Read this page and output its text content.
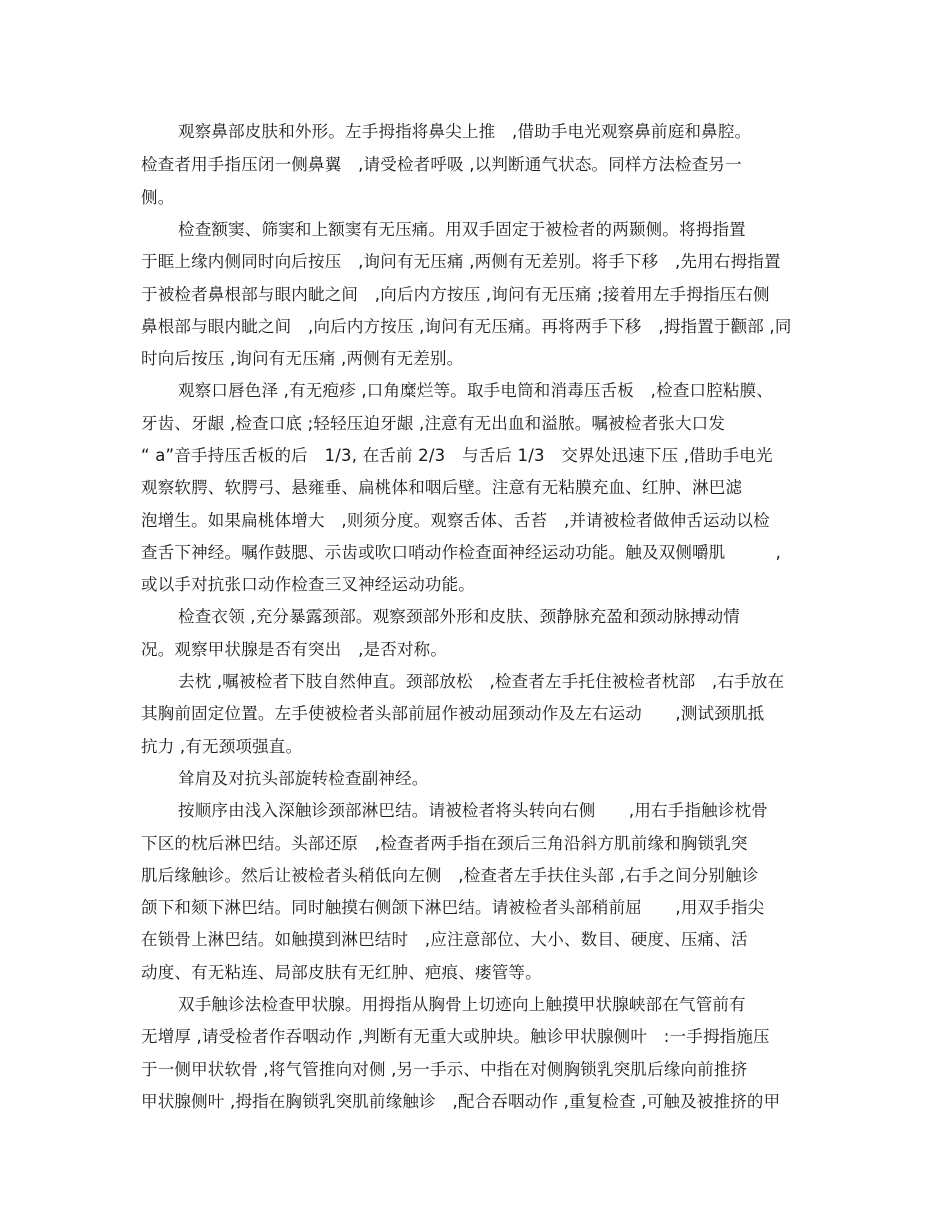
观察鼻部皮肤和外形。左手拇指将鼻尖上推　,借助手电光观察鼻前庭和鼻腔。
检查者用手指压闭一侧鼻翼　,请受检者呼吸 ,以判断通气状态。同样方法检查另一
侧。
检查额窦、筛窦和上额窦有无压痛。用双手固定于被检者的两颞侧。将拇指置
于眶上缘内侧同时向后按压　,询问有无压痛 ,两侧有无差别。将手下移　,先用右拇指置
于被检者鼻根部与眼内眦之间　,向后内方按压 ,询问有无压痛 ;接着用左手拇指压右侧
鼻根部与眼内眦之间　,向后内方按压 ,询问有无压痛。再将两手下移　,拇指置于颧部 ,同
时向后按压 ,询问有无压痛 ,两侧有无差别。
观察口唇色泽 ,有无疱疹 ,口角糜烂等。取手电筒和消毒压舌板　,检查口腔粘膜、
牙齿、牙龈 ,检查口底 ;轻轻压迫牙龈 ,注意有无出血和溢脓。嘱被检者张大口发
“ a”音手持压舌板的后　1/3, 在舌前 2/3　与舌后 1/3　交界处迅速下压 ,借助手电光
观察软腭、软腭弓、悬雍垂、扁桃体和咽后壁。注意有无粘膜充血、红肿、淋巴滤
泡增生。如果扁桃体增大　,则须分度。观察舌体、舌苔　,并请被检者做伸舌运动以检
查舌下神经。嘱作鼓腮、示齿或吹口哨动作检查面神经运动功能。触及双侧嚼肌　　　,
或以手对抗张口动作检查三叉神经运动功能。
检查衣领 ,充分暴露颈部。观察颈部外形和皮肤、颈静脉充盈和颈动脉搏动情
况。观察甲状腺是否有突出　,是否对称。
去枕 ,嘱被检者下肢自然伸直。颈部放松　,检查者左手托住被检者枕部　,右手放在
其胸前固定位置。左手使被检者头部前屈作被动屈颈动作及左右运动　　,测试颈肌抵
抗力 ,有无颈项强直。
耸肩及对抗头部旋转检查副神经。
按顺序由浅入深触诊颈部淋巴结。请被检者将头转向右侧　　,用右手指触诊枕骨
下区的枕后淋巴结。头部还原　,检查者两手指在颈后三角沿斜方肌前缘和胸锁乳突
肌后缘触诊。然后让被检者头稍低向左侧　,检查者左手扶住头部 ,右手之间分别触诊
颌下和颏下淋巴结。同时触摸右侧颌下淋巴结。请被检者头部稍前屈　　,用双手指尖
在锁骨上淋巴结。如触摸到淋巴结时　,应注意部位、大小、数目、硬度、压痛、活
动度、有无粘连、局部皮肤有无红肿、疤痕、瘘管等。
双手触诊法检查甲状腺。用拇指从胸骨上切迹向上触摸甲状腺峡部在气管前有
无增厚 ,请受检者作吞咽动作 ,判断有无重大或肿块。触诊甲状腺侧叶　:一手拇指施压
于一侧甲状软骨 ,将气管推向对侧 ,另一手示、中指在对侧胸锁乳突肌后缘向前推挤
甲状腺侧叶 ,拇指在胸锁乳突肌前缘触诊　,配合吞咽动作 ,重复检查 ,可触及被推挤的甲
